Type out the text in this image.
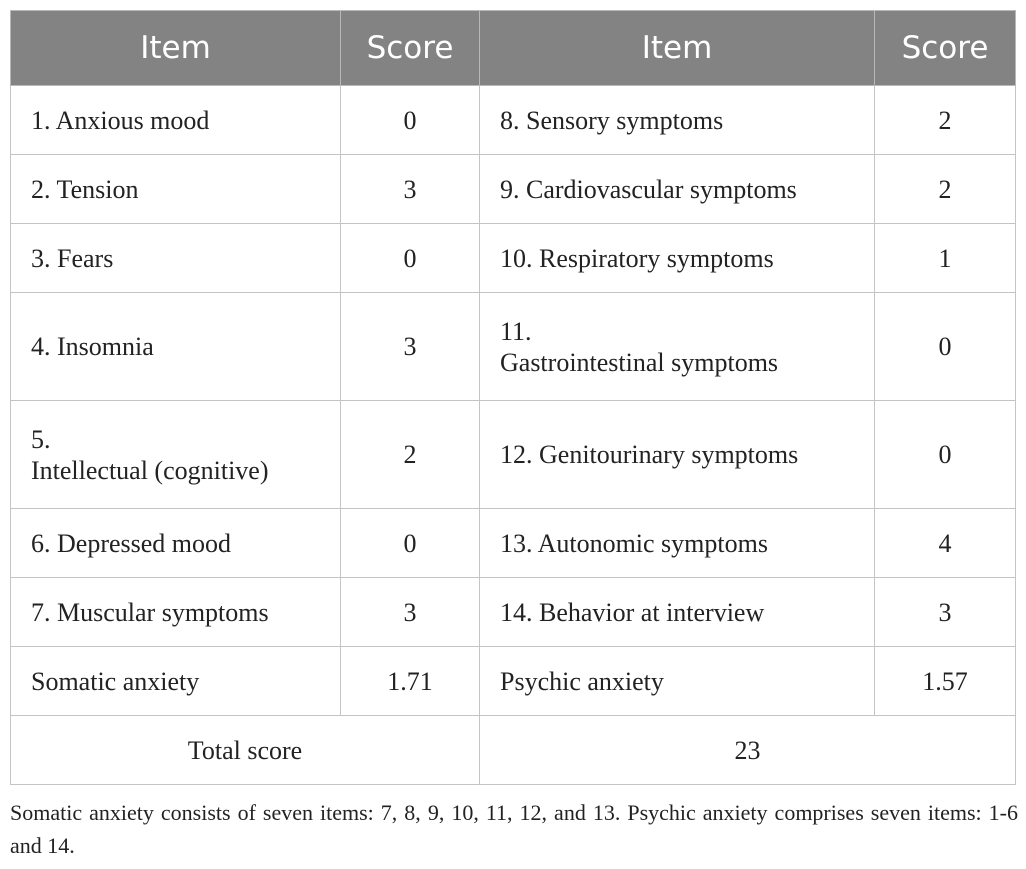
Item	Score	Item	Score
1. Anxious mood	0	8. Sensory symptoms	2
2. Tension	3	9. Cardiovascular symptoms	2
3. Fears	0	10. Respiratory symptoms	1
4. Insomnia	3	11.
Gastrointestinal symptoms	0

5.
Intellectual (cognitive)	2	12. Genitourinary symptoms	0
6. Depressed mood	0	13. Autonomic symptoms	4
7. Muscular symptoms	3	14. Behavior at interview	3
Somatic anxiety	1.71	Psychic anxiety	1.57
Total score		23	
Somatic anxiety consists of seven items: 7, 8, 9, 10, 11, 12, and 13. Psychic anxiety comprises seven items: 1-6 and 14.
